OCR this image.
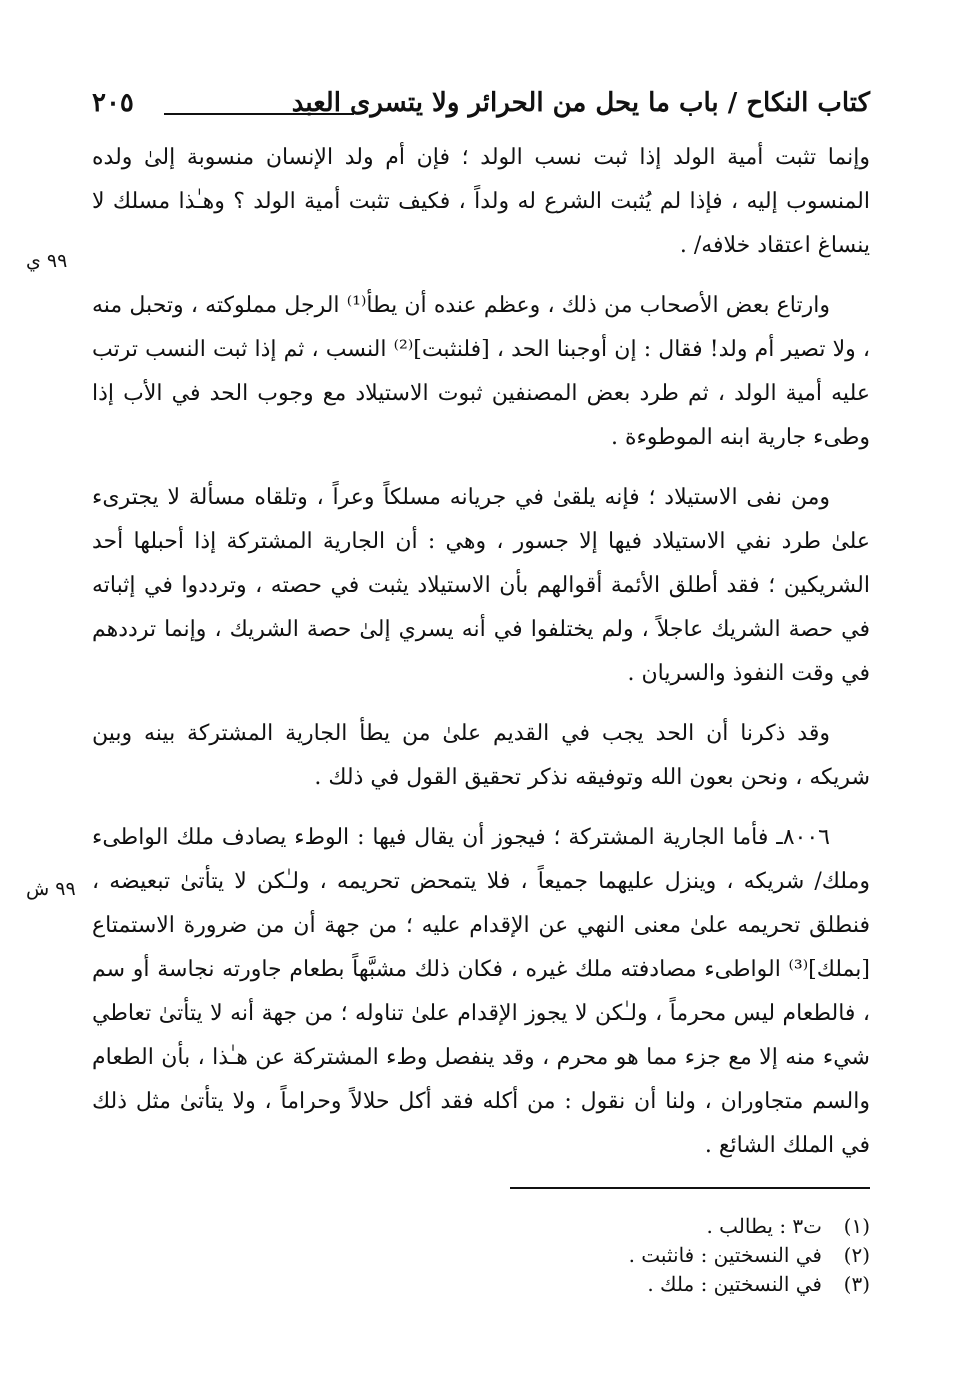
كتاب النكاح / باب ما يحل من الحرائر ولا يتسرى العبد
٢٠٥
٩٩ ي
٩٩ ش

وإنما تثبت أمية الولد إذا ثبت نسب الولد ؛ فإن أم ولد الإنسان منسوبة إلىٰ ولده المنسوب إليه ، فإذا لم يُثبت الشرع له ولداً ، فكيف تثبت أمية الولد ؟ وهـٰذا مسلك لا ينساغ اعتقاد خلافه/ .

وارتاع بعض الأصحاب من ذلك ، وعظم عنده أن يطأ⁽¹⁾ الرجل مملوكته ، وتحبل منه ، ولا تصير أم ولد! فقال : إن أوجبنا الحد ، [فلنثبت]⁽²⁾ النسب ، ثم إذا ثبت النسب ترتب عليه أمية الولد ، ثم طرد بعض المصنفين ثبوت الاستيلاد مع وجوب الحد في الأب إذا وطىء جارية ابنه الموطوءة .

ومن نفى الاستيلاد ؛ فإنه يلقىٰ في جريانه مسلكاً وعراً ، وتلقاه مسألة لا يجترىء علىٰ طرد نفي الاستيلاد فيها إلا جسور ، وهي : أن الجارية المشتركة إذا أحبلها أحد الشريكين ؛ فقد أطلق الأئمة أقوالهم بأن الاستيلاد يثبت في حصته ، وترددوا في إثباته في حصة الشريك عاجلاً ، ولم يختلفوا في أنه يسري إلىٰ حصة الشريك ، وإنما ترددهم في وقت النفوذ والسريان .

وقد ذكرنا أن الحد يجب في القديم علىٰ من يطأ الجارية المشتركة بينه وبين شريكه ، ونحن بعون الله وتوفيقه نذكر تحقيق القول في ذلك .

٨٠٠٦ـ فأما الجارية المشتركة ؛ فيجوز أن يقال فيها : الوطء يصادف ملك الواطىء وملك/ شريكه ، وينزل عليهما جميعاً ، فلا يتمحض تحريمه ، ولـٰكن لا يتأتىٰ تبعيضه ، فنطلق تحريمه علىٰ معنى النهي عن الإقدام عليه ؛ من جهة أن من ضرورة الاستمتاع [بملك]⁽³⁾ الواطىء مصادفته ملك غيره ، فكان ذلك مشبَّهاً بطعام جاورته نجاسة أو سم ، فالطعام ليس محرماً ، ولـٰكن لا يجوز الإقدام علىٰ تناوله ؛ من جهة أنه لا يتأتىٰ تعاطي شيء منه إلا مع جزء مما هو محرم ، وقد ينفصل وطء المشتركة عن هـٰذا ، بأن الطعام والسم متجاوران ، ولنا أن نقول : من أكله فقد أكل حلالاً وحراماً ، ولا يتأتىٰ مثل ذلك في الملك الشائع .

(١)
ت٣ : يطالب .
(٢)
في النسختين : فانثبت .
(٣)
في النسختين : ملك .
